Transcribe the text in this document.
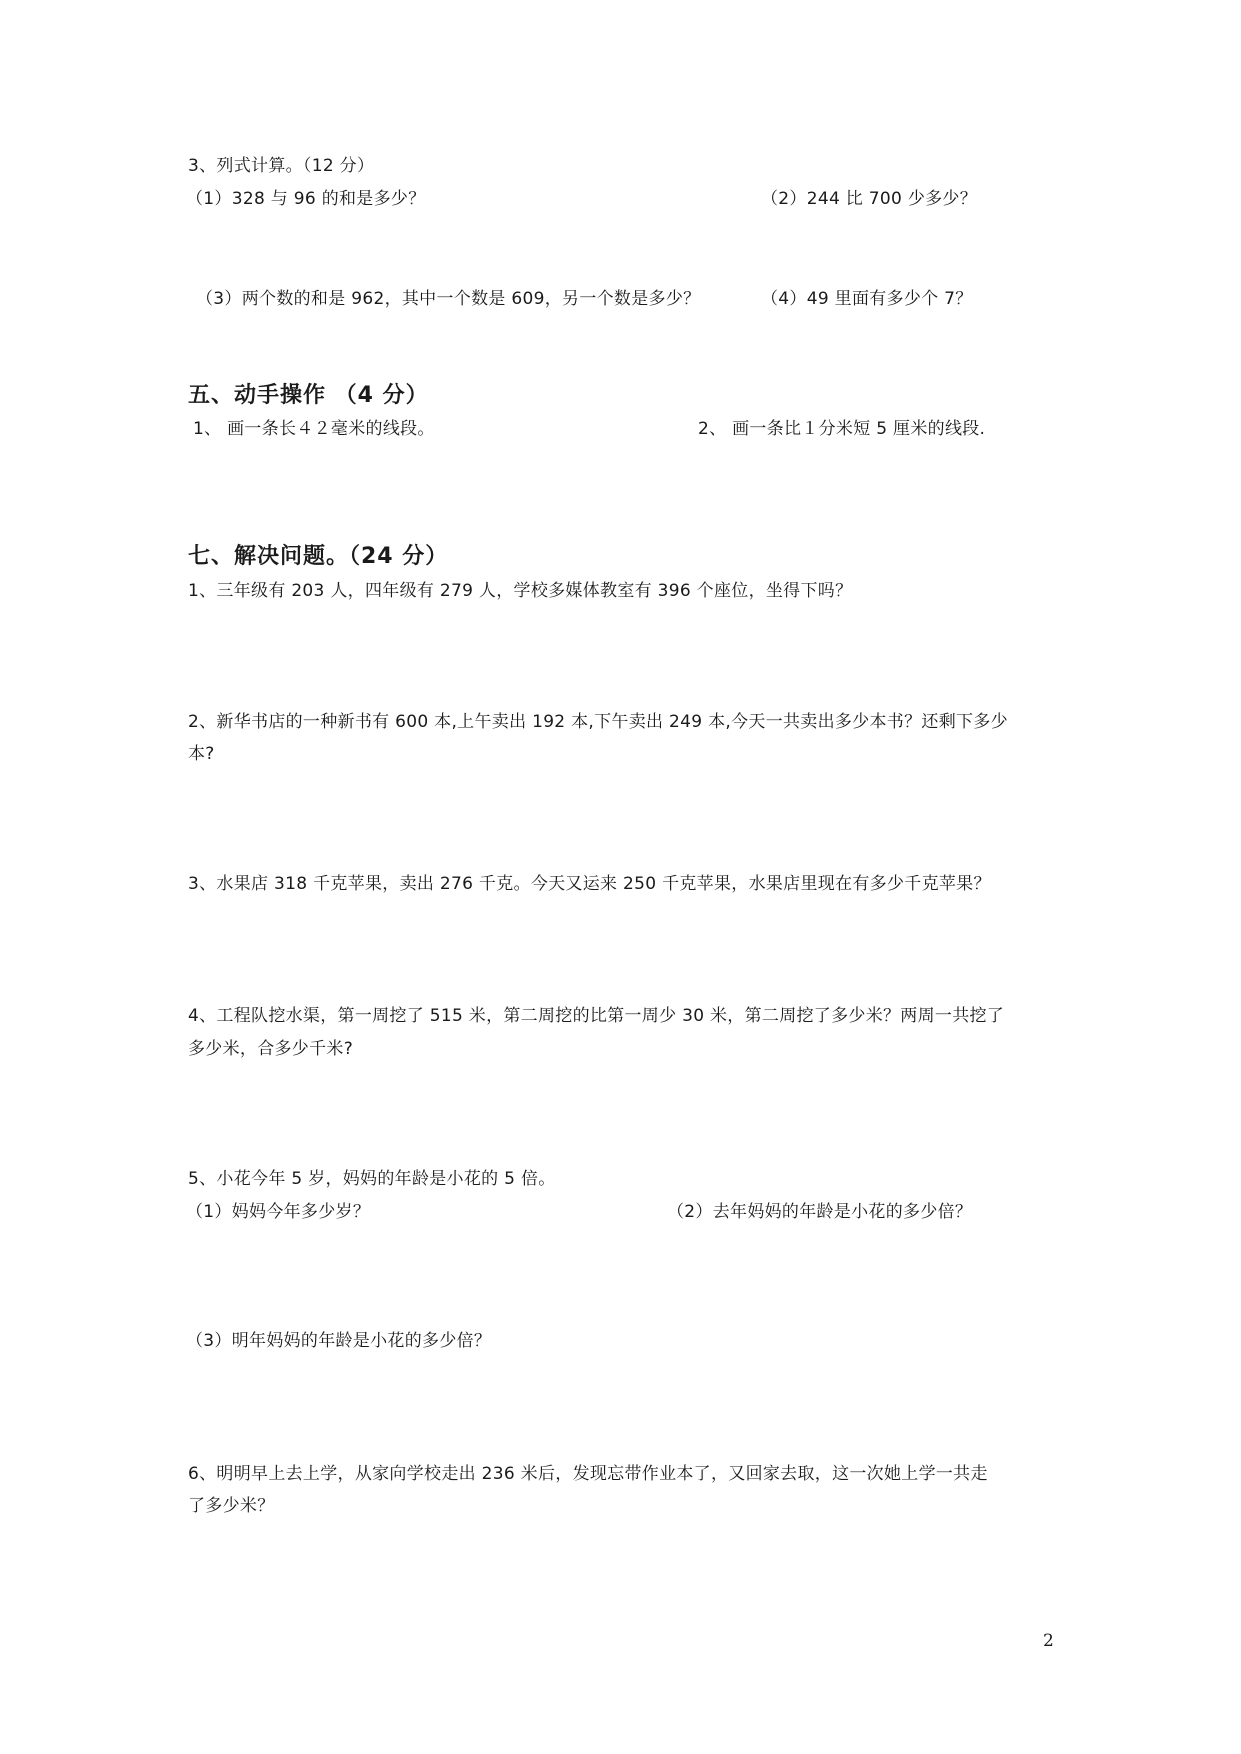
3、列式计算。（12 分）
（1）328 与 96 的和是多少？	（2）244 比 700 少多少？
（3）两个数的和是 962，其中一个数是 609，另一个数是多少？	（4）49 里面有多少个 7？
五、动手操作 （4 分）
1、 画一条长４２毫米的线段。	2、 画一条比１分米短 5 厘米的线段.
七、解决问题。（24 分）
1、三年级有 203 人，四年级有 279 人，学校多媒体教室有 396 个座位，坐得下吗？
2、新华书店的一种新书有 600 本,上午卖出 192 本,下午卖出 249 本,今天一共卖出多少本书？还剩下多少
本?
3、水果店 318 千克苹果，卖出 276 千克。今天又运来 250 千克苹果，水果店里现在有多少千克苹果？
4、工程队挖水渠，第一周挖了 515 米，第二周挖的比第一周少 30 米，第二周挖了多少米？两周一共挖了
多少米，合多少千米?
5、小花今年 5 岁，妈妈的年龄是小花的 5 倍。
（1）妈妈今年多少岁？	（2）去年妈妈的年龄是小花的多少倍？
（3）明年妈妈的年龄是小花的多少倍？
6、明明早上去上学，从家向学校走出 236 米后，发现忘带作业本了，又回家去取，这一次她上学一共走
了多少米？
2
